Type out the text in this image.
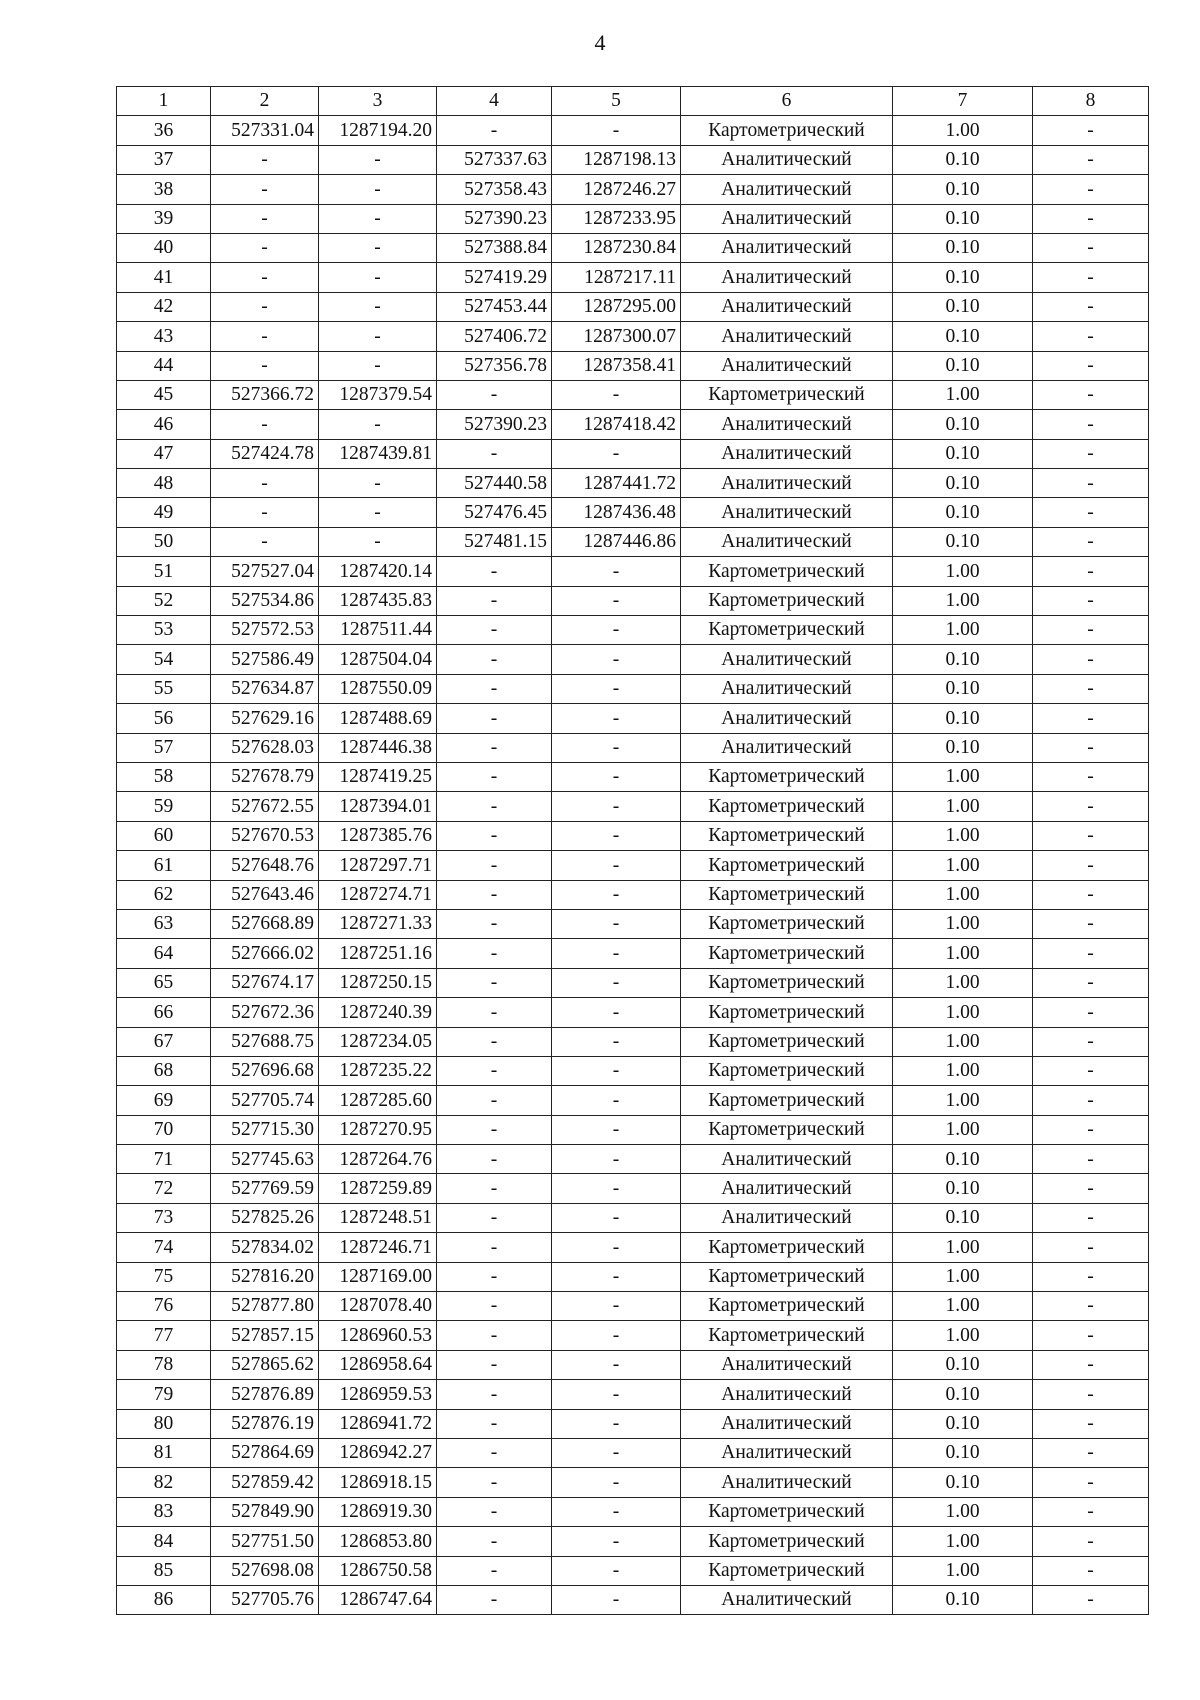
4
1	2	3	4	5	6	7	8
36	527331.04	1287194.20	-	-	Картометрический	1.00	-
37	-	-	527337.63	1287198.13	Аналитический	0.10	-
38	-	-	527358.43	1287246.27	Аналитический	0.10	-
39	-	-	527390.23	1287233.95	Аналитический	0.10	-
40	-	-	527388.84	1287230.84	Аналитический	0.10	-
41	-	-	527419.29	1287217.11	Аналитический	0.10	-
42	-	-	527453.44	1287295.00	Аналитический	0.10	-
43	-	-	527406.72	1287300.07	Аналитический	0.10	-
44	-	-	527356.78	1287358.41	Аналитический	0.10	-
45	527366.72	1287379.54	-	-	Картометрический	1.00	-
46	-	-	527390.23	1287418.42	Аналитический	0.10	-
47	527424.78	1287439.81	-	-	Аналитический	0.10	-
48	-	-	527440.58	1287441.72	Аналитический	0.10	-
49	-	-	527476.45	1287436.48	Аналитический	0.10	-
50	-	-	527481.15	1287446.86	Аналитический	0.10	-
51	527527.04	1287420.14	-	-	Картометрический	1.00	-
52	527534.86	1287435.83	-	-	Картометрический	1.00	-
53	527572.53	1287511.44	-	-	Картометрический	1.00	-
54	527586.49	1287504.04	-	-	Аналитический	0.10	-
55	527634.87	1287550.09	-	-	Аналитический	0.10	-
56	527629.16	1287488.69	-	-	Аналитический	0.10	-
57	527628.03	1287446.38	-	-	Аналитический	0.10	-
58	527678.79	1287419.25	-	-	Картометрический	1.00	-
59	527672.55	1287394.01	-	-	Картометрический	1.00	-
60	527670.53	1287385.76	-	-	Картометрический	1.00	-
61	527648.76	1287297.71	-	-	Картометрический	1.00	-
62	527643.46	1287274.71	-	-	Картометрический	1.00	-
63	527668.89	1287271.33	-	-	Картометрический	1.00	-
64	527666.02	1287251.16	-	-	Картометрический	1.00	-
65	527674.17	1287250.15	-	-	Картометрический	1.00	-
66	527672.36	1287240.39	-	-	Картометрический	1.00	-
67	527688.75	1287234.05	-	-	Картометрический	1.00	-
68	527696.68	1287235.22	-	-	Картометрический	1.00	-
69	527705.74	1287285.60	-	-	Картометрический	1.00	-
70	527715.30	1287270.95	-	-	Картометрический	1.00	-
71	527745.63	1287264.76	-	-	Аналитический	0.10	-
72	527769.59	1287259.89	-	-	Аналитический	0.10	-
73	527825.26	1287248.51	-	-	Аналитический	0.10	-
74	527834.02	1287246.71	-	-	Картометрический	1.00	-
75	527816.20	1287169.00	-	-	Картометрический	1.00	-
76	527877.80	1287078.40	-	-	Картометрический	1.00	-
77	527857.15	1286960.53	-	-	Картометрический	1.00	-
78	527865.62	1286958.64	-	-	Аналитический	0.10	-
79	527876.89	1286959.53	-	-	Аналитический	0.10	-
80	527876.19	1286941.72	-	-	Аналитический	0.10	-
81	527864.69	1286942.27	-	-	Аналитический	0.10	-
82	527859.42	1286918.15	-	-	Аналитический	0.10	-
83	527849.90	1286919.30	-	-	Картометрический	1.00	-
84	527751.50	1286853.80	-	-	Картометрический	1.00	-
85	527698.08	1286750.58	-	-	Картометрический	1.00	-
86	527705.76	1286747.64	-	-	Аналитический	0.10	-
